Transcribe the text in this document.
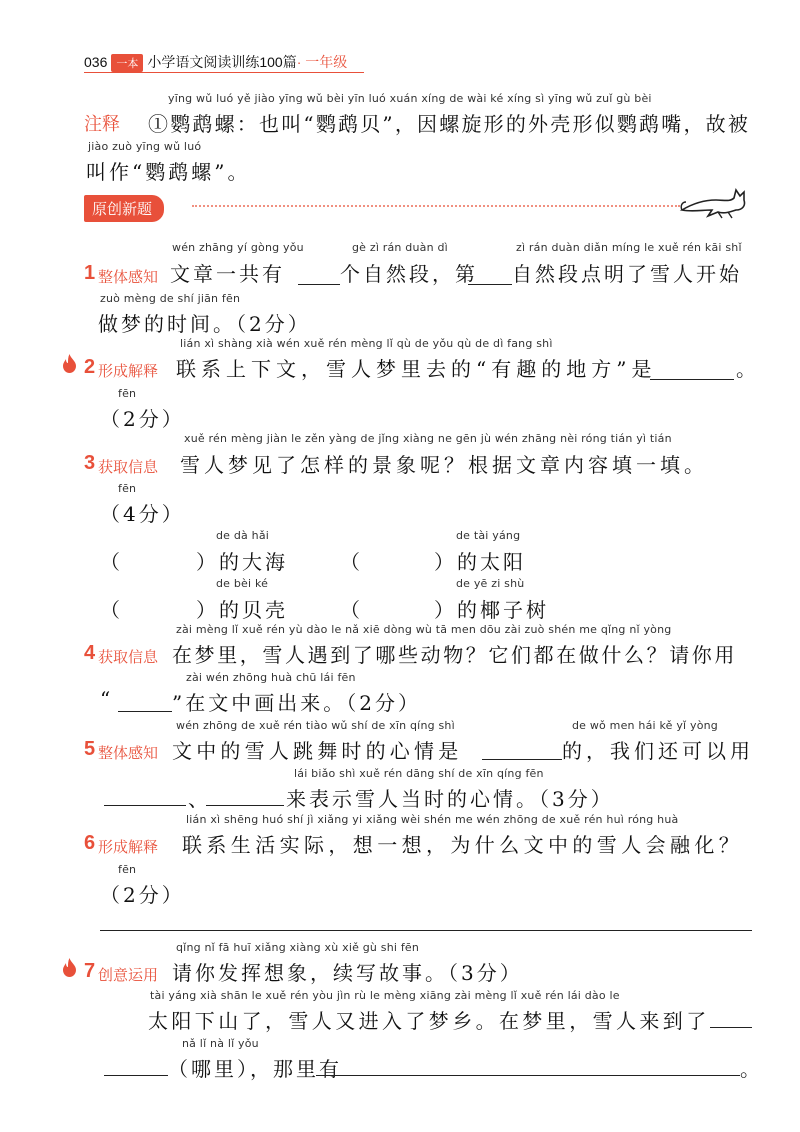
036 一本 小学语文阅读训练100篇· 一年级
注释
yīng wǔ luó yě jiào yīng wǔ bèi yīn luó xuán xíng de wài ké xíng sì yīng wǔ zuǐ gù bèi
①鹦鹉螺：也叫“鹦鹉贝”，因螺旋形的外壳形似鹦鹉嘴，故被
jiào zuò yīng wǔ luó
叫作“鹦鹉螺”。
原创新题
1 整体感知
wén zhāng yí gòng yǒu	gè zì rán duàn dì	zì rán duàn diǎn míng le xuě rén kāi shǐ
文章一共有	个自然段，第 自然段点明了雪人开始
zuò mèng de shí jiān fēn
做梦的时间。（2分）
2 形成解释
lián xì shàng xià wén xuě rén mèng lǐ qù de yǒu qù de dì fang shì
联系上下文，雪人梦里去的“有趣的地方”是	。
fēn
（2分）
3 获取信息
xuě rén mèng jiàn le zěn yàng de jǐng xiàng ne gēn jù wén zhāng nèi róng tián yì tián
雪人梦见了怎样的景象呢？根据文章内容填一填。
fēn
（4分）
（
de dà hǎi
）的大海	（
de tài yáng
）的太阳
（
de bèi ké
）的贝壳	（
de yē zi shù
）的椰子树
4 获取信息
zài mèng lǐ xuě rén yù dào le nǎ xiē dòng wù tā men dōu zài zuò shén me qǐng nǐ yòng
在梦里，雪人遇到了哪些动物？它们都在做什么？请你用
zài wén zhōng huà chū lái fēn
“	”在文中画出来。（2分）
5 整体感知
wén zhōng de xuě rén tiào wǔ shí de xīn qíng shì	de wǒ men hái kě yǐ yòng
文中的雪人跳舞时的心情是	的，我们还可以用
lái biǎo shì xuě rén dāng shí de xīn qíng fēn
、	来表示雪人当时的心情。（3分）
6 形成解释
lián xì shēng huó shí jì xiǎng yi xiǎng wèi shén me wén zhōng de xuě rén huì róng huà
联系生活实际，想一想，为什么文中的雪人会融化？
fēn
（2分）
7 创意运用
qǐng nǐ fā huī xiǎng xiàng xù xiě gù shi fēn
请你发挥想象，续写故事。（3分）
tài yáng xià shān le xuě rén yòu jìn rù le mèng xiāng zài mèng lǐ xuě rén lái dào le
太阳下山了，雪人又进入了梦乡。在梦里，雪人来到了
nǎ lǐ nà lǐ yǒu
（哪里），那里有	。
